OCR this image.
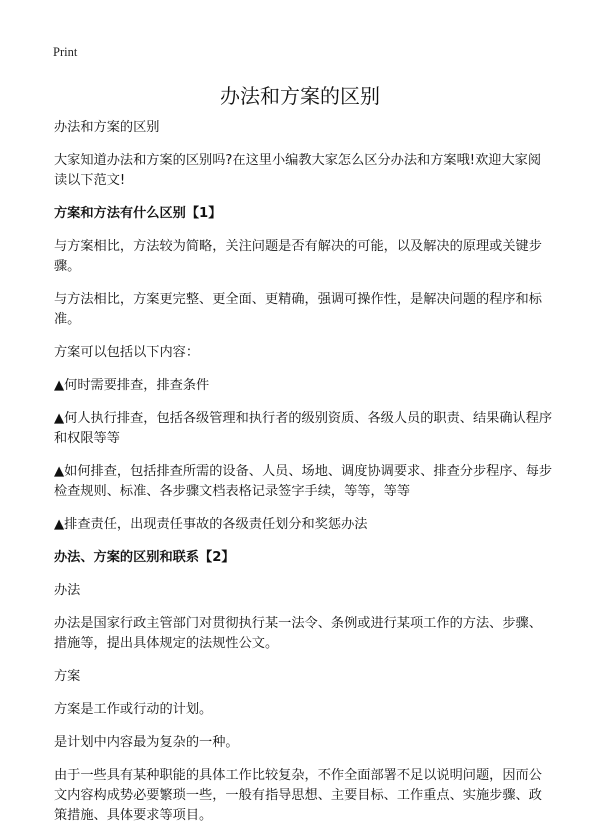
Print
办法和方案的区别

办法和方案的区别

大家知道办法和方案的区别吗?在这里小编教大家怎么区分办法和方案哦!欢迎大家阅读以下范文!

方案和方法有什么区别【1】

与方案相比，方法较为简略，关注问题是否有解决的可能，以及解决的原理或关键步骤。

与方法相比，方案更完整、更全面、更精确，强调可操作性，是解决问题的程序和标准。

方案可以包括以下内容：

▲何时需要排查，排查条件

▲何人执行排查，包括各级管理和执行者的级别资质、各级人员的职责、结果确认程序和权限等等

▲如何排查，包括排查所需的设备、人员、场地、调度协调要求、排查分步程序、每步检查规则、标准、各步骤文档表格记录签字手续，等等，等等

▲排查责任，出现责任事故的各级责任划分和奖惩办法

办法、方案的区别和联系【2】

办法

办法是国家行政主管部门对贯彻执行某一法令、条例或进行某项工作的方法、步骤、措施等，提出具体规定的法规性公文。

方案

方案是工作或行动的计划。

是计划中内容最为复杂的一种。

由于一些具有某种职能的具体工作比较复杂，不作全面部署不足以说明问题，因而公文内容构成势必要繁琐一些，一般有指导思想、主要目标、工作重点、实施步骤、政策措施、具体要求等项目。
